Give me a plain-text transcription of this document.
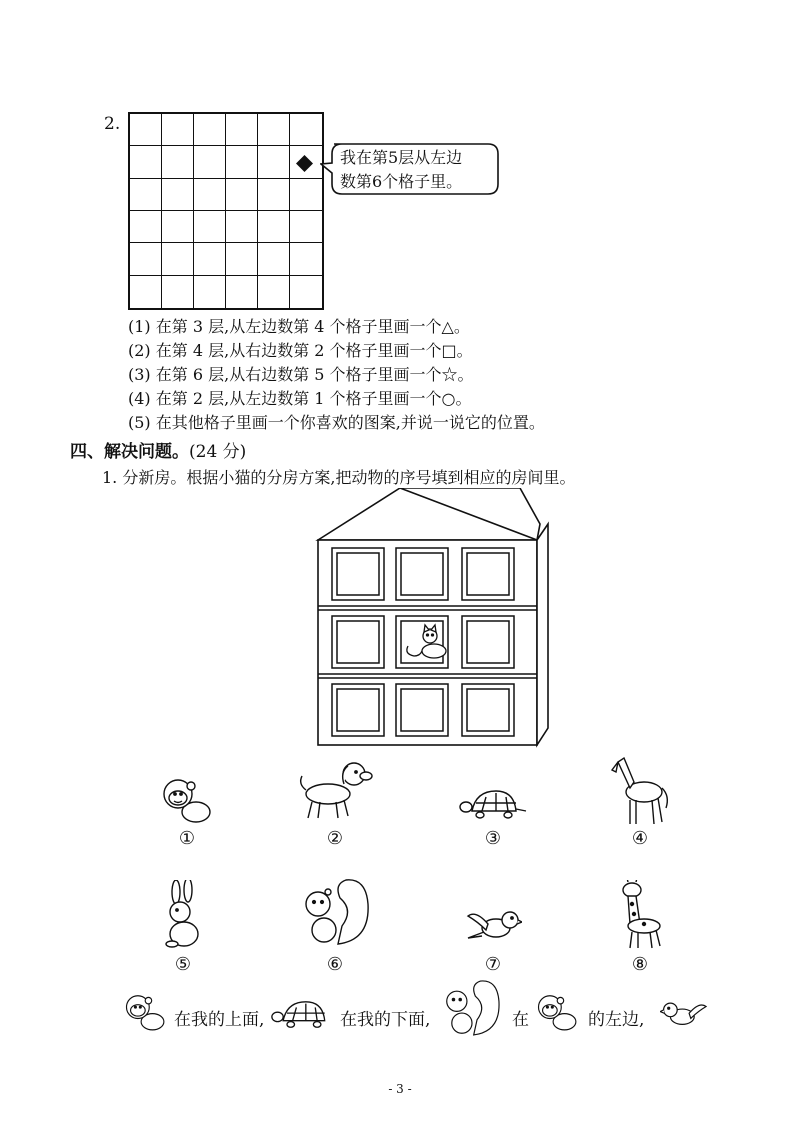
2.
我在第5层从左边
数第6个格子里。
(1) 在第 3 层,从左边数第 4 个格子里画一个△。
(2) 在第 4 层,从右边数第 2 个格子里画一个□。
(3) 在第 6 层,从右边数第 5 个格子里画一个☆。
(4) 在第 2 层,从左边数第 1 个格子里画一个○。
(5) 在其他格子里画一个你喜欢的图案,并说一说它的位置。
四、解决问题。(24 分)
1. 分新房。根据小猫的分房方案,把动物的序号填到相应的房间里。
①	②	③	④
⑤	⑥	⑦	⑧
在我的上面,	在我的下面,	在	的左边,
- 3 -
